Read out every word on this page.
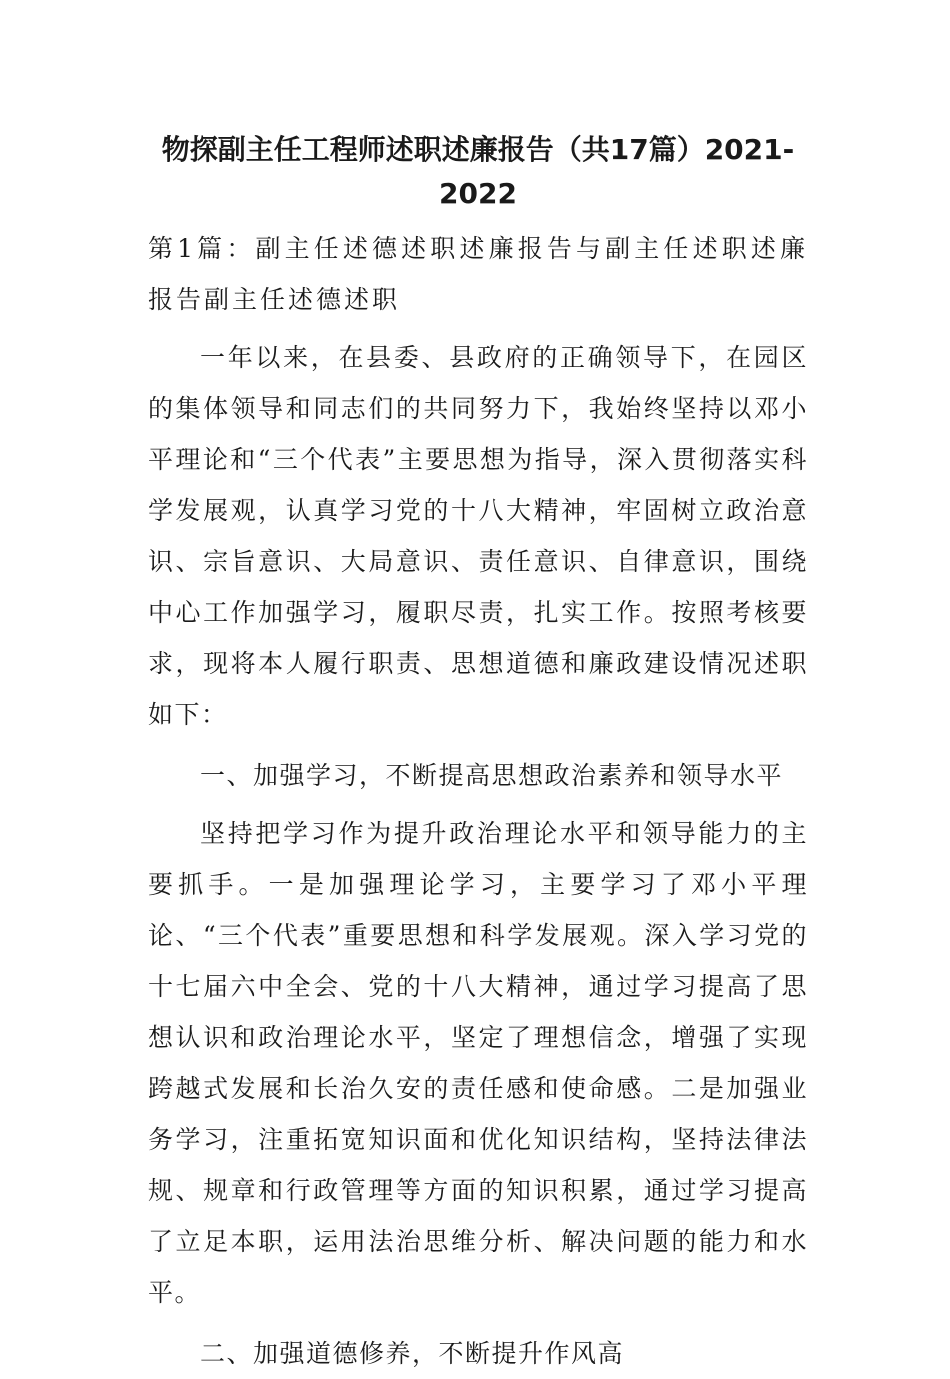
物探副主任工程师述职述廉报告（共17篇）2021-2022

第1篇：副主任述德述职述廉报告与副主任述职述廉报告副主任述德述职

一年以来，在县委、县政府的正确领导下，在园区的集体领导和同志们的共同努力下，我始终坚持以邓小平理论和“三个代表”主要思想为指导，深入贯彻落实科学发展观，认真学习党的十八大精神，牢固树立政治意识、宗旨意识、大局意识、责任意识、自律意识，围绕中心工作加强学习，履职尽责，扎实工作。按照考核要求，现将本人履行职责、思想道德和廉政建设情况述职如下：

一、加强学习，不断提高思想政治素养和领导水平

坚持把学习作为提升政治理论水平和领导能力的主要抓手。一是加强理论学习，主要学习了邓小平理论、“三个代表”重要思想和科学发展观。深入学习党的十七届六中全会、党的十八大精神，通过学习提高了思想认识和政治理论水平，坚定了理想信念，增强了实现跨越式发展和长治久安的责任感和使命感。二是加强业务学习，注重拓宽知识面和优化知识结构，坚持法律法规、规章和行政管理等方面的知识积累，通过学习提高了立足本职，运用法治思维分析、解决问题的能力和水平。

二、加强道德修养，不断提升作风高
